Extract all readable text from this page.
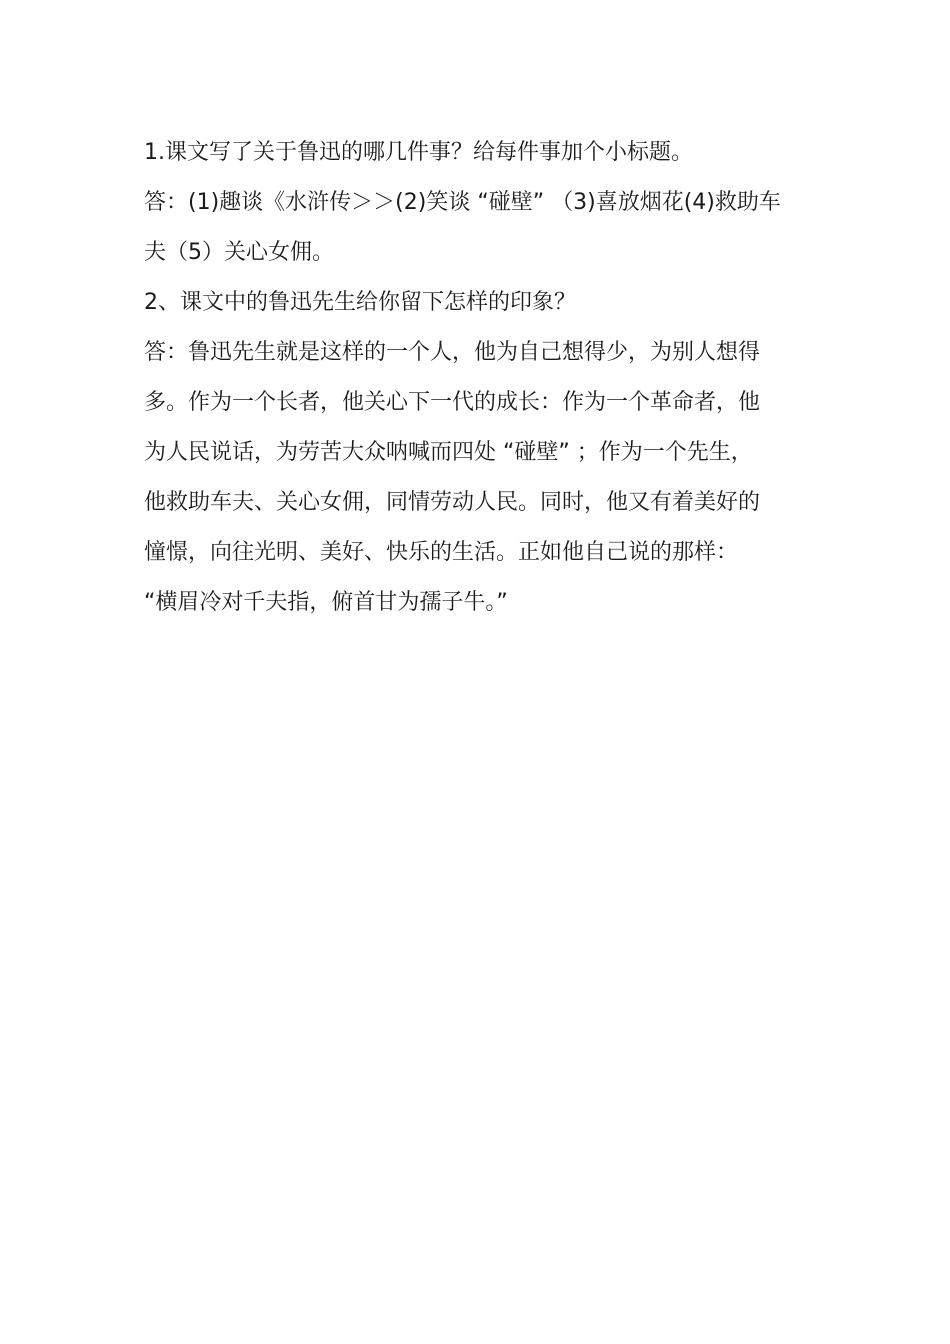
1.课文写了关于鲁迅的哪几件事？给每件事加个小标题。
答：(1)趣谈《水浒传＞＞(2)笑谈 “碰壁” （3)喜放烟花(4)救助车
夫（5）关心女佣。
2、课文中的鲁迅先生给你留下怎样的印象？
答：鲁迅先生就是这样的一个人，他为自己想得少，为别人想得
多。作为一个长者，他关心下一代的成长：作为一个革命者，他
为人民说话，为劳苦大众呐喊而四处 “碰壁” ；作为一个先生，
他救助车夫、关心女佣，同情劳动人民。同时，他又有着美好的
憧憬，向往光明、美好、快乐的生活。正如他自己说的那样：
“横眉冷对千夫指，俯首甘为孺子牛。”
